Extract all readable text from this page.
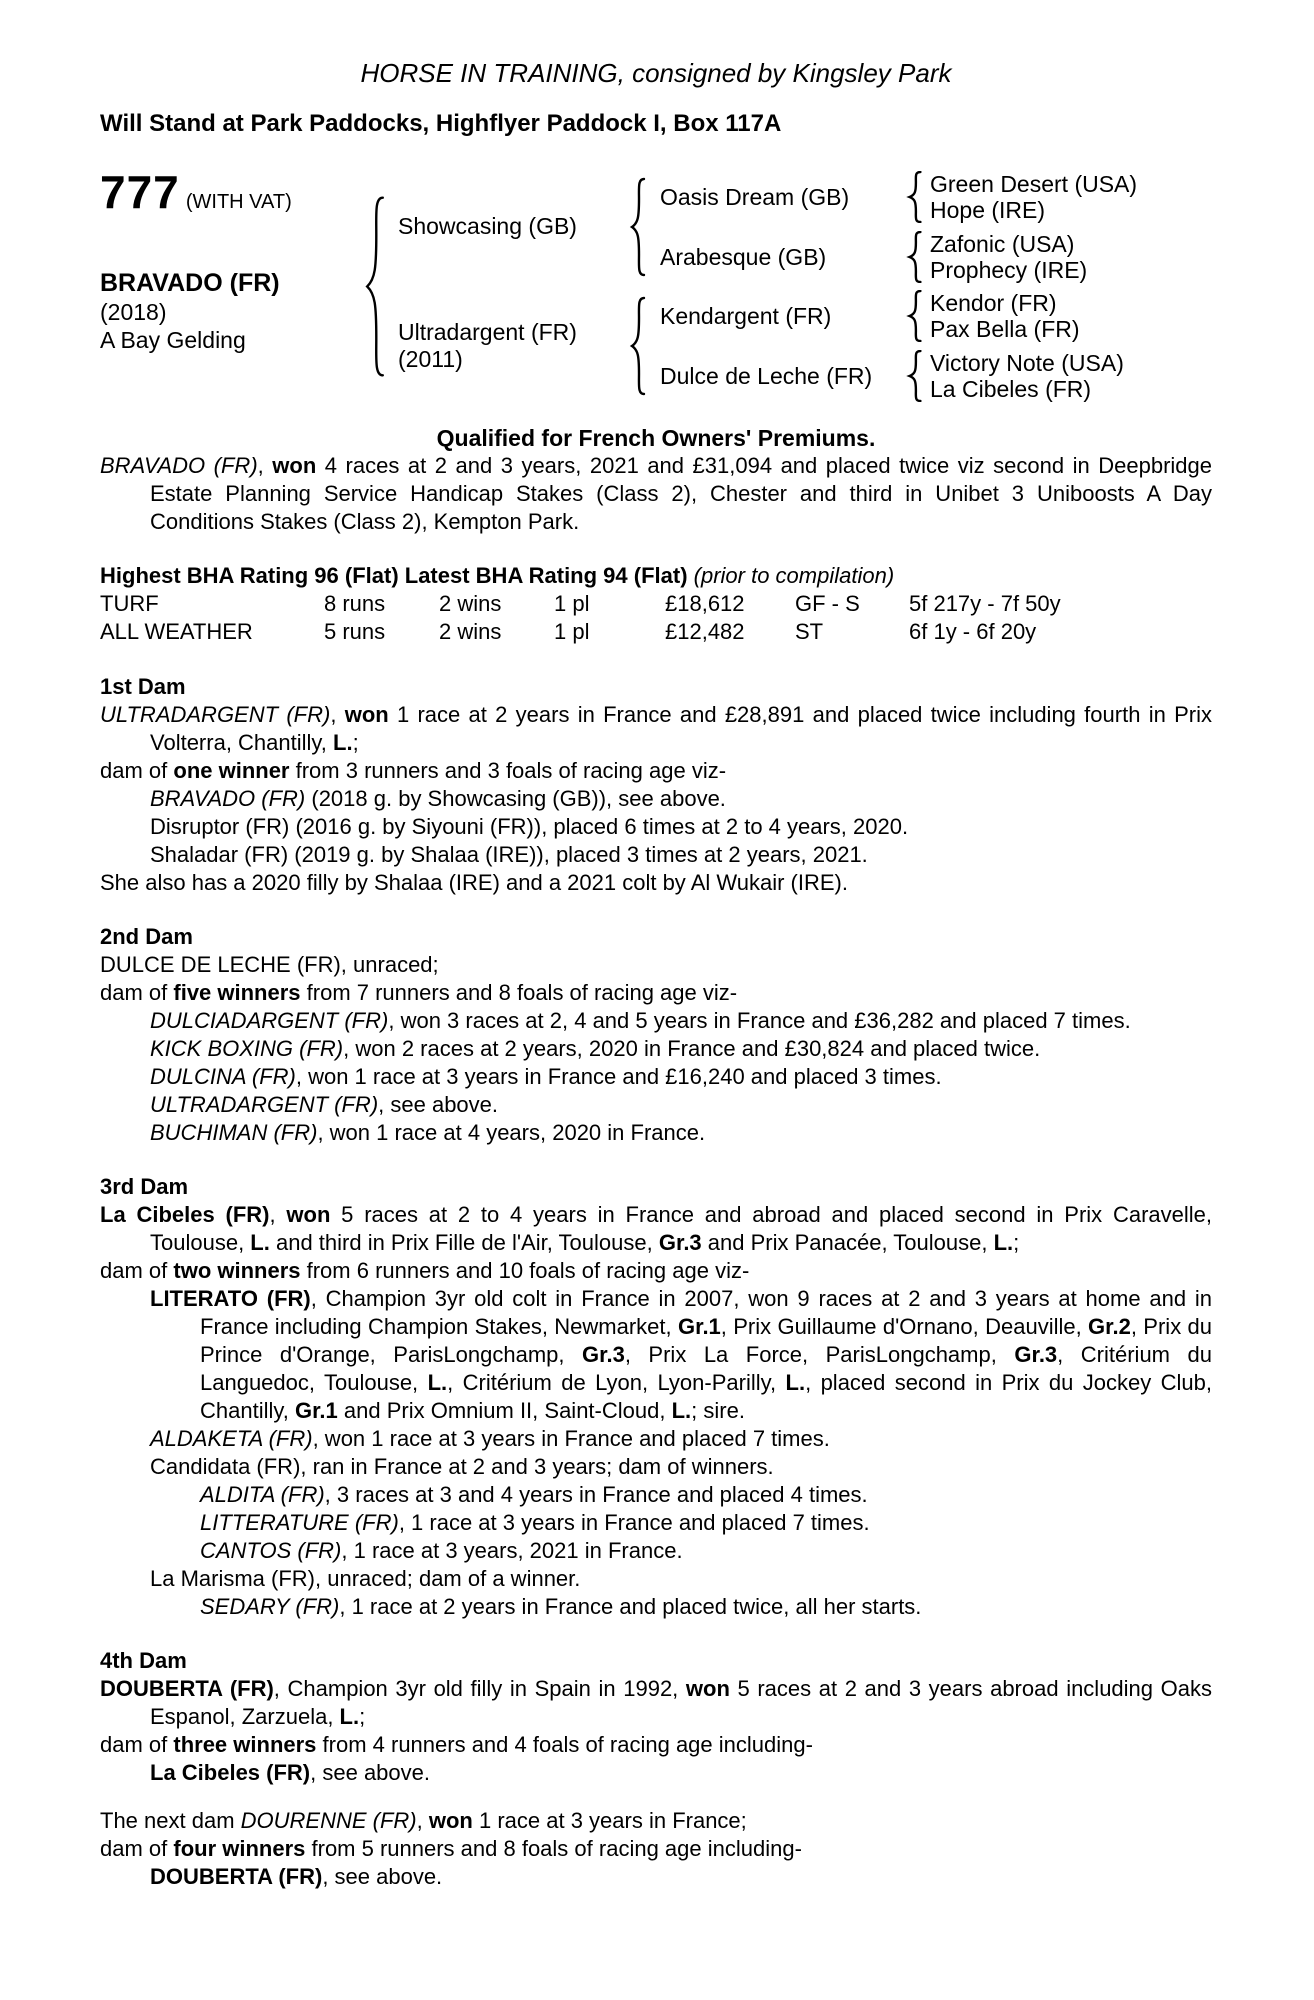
HORSE IN TRAINING, consigned by Kingsley Park
Will Stand at Park Paddocks, Highflyer Paddock I, Box 117A
777 (WITH VAT)
BRAVADO (FR)
(2018)
A Bay Gelding
Showcasing (GB)
Oasis Dream (GB)	Green Desert (USA)
Hope (IRE)
Arabesque (GB)	Zafonic (USA)
Prophecy (IRE)
Ultradargent (FR)
(2011)
Kendargent (FR)	Kendor (FR)
Pax Bella (FR)
Dulce de Leche (FR)	Victory Note (USA)
La Cibeles (FR)
Qualified for French Owners' Premiums.

BRAVADO (FR), won 4 races at 2 and 3 years, 2021 and £31,094 and placed twice viz second in Deepbridge Estate Planning Service Handicap Stakes (Class 2), Chester and third in Unibet 3 Uniboosts A Day Conditions Stakes (Class 2), Kempton Park.

Highest BHA Rating 96 (Flat) Latest BHA Rating 94 (Flat) (prior to compilation)
TURF	8 runs	2 wins	1 pl	£18,612	GF - S	5f 217y - 7f 50y
ALL WEATHER	5 runs	2 wins	1 pl	£12,482	ST	6f 1y - 6f 20y
1st Dam

ULTRADARGENT (FR), won 1 race at 2 years in France and £28,891 and placed twice including fourth in Prix Volterra, Chantilly, L.;

dam of one winner from 3 runners and 3 foals of racing age viz-

BRAVADO (FR) (2018 g. by Showcasing (GB)), see above.

Disruptor (FR) (2016 g. by Siyouni (FR)), placed 6 times at 2 to 4 years, 2020.

Shaladar (FR) (2019 g. by Shalaa (IRE)), placed 3 times at 2 years, 2021.

She also has a 2020 filly by Shalaa (IRE) and a 2021 colt by Al Wukair (IRE).

2nd Dam

DULCE DE LECHE (FR), unraced;

dam of five winners from 7 runners and 8 foals of racing age viz-

DULCIADARGENT (FR), won 3 races at 2, 4 and 5 years in France and £36,282 and placed 7 times.

KICK BOXING (FR), won 2 races at 2 years, 2020 in France and £30,824 and placed twice.

DULCINA (FR), won 1 race at 3 years in France and £16,240 and placed 3 times.

ULTRADARGENT (FR), see above.

BUCHIMAN (FR), won 1 race at 4 years, 2020 in France.

3rd Dam

La Cibeles (FR), won 5 races at 2 to 4 years in France and abroad and placed second in Prix Caravelle, Toulouse, L. and third in Prix Fille de l'Air, Toulouse, Gr.3 and Prix Panacée, Toulouse, L.;

dam of two winners from 6 runners and 10 foals of racing age viz-

LITERATO (FR), Champion 3yr old colt in France in 2007, won 9 races at 2 and 3 years at home and in France including Champion Stakes, Newmarket, Gr.1, Prix Guillaume d'Ornano, Deauville, Gr.2, Prix du Prince d'Orange, ParisLongchamp, Gr.3, Prix La Force, ParisLongchamp, Gr.3, Critérium du Languedoc, Toulouse, L., Critérium de Lyon, Lyon-Parilly, L., placed second in Prix du Jockey Club, Chantilly, Gr.1 and Prix Omnium II, Saint-Cloud, L.; sire.

ALDAKETA (FR), won 1 race at 3 years in France and placed 7 times.

Candidata (FR), ran in France at 2 and 3 years; dam of winners.

ALDITA (FR), 3 races at 3 and 4 years in France and placed 4 times.

LITTERATURE (FR), 1 race at 3 years in France and placed 7 times.

CANTOS (FR), 1 race at 3 years, 2021 in France.

La Marisma (FR), unraced; dam of a winner.

SEDARY (FR), 1 race at 2 years in France and placed twice, all her starts.

4th Dam

DOUBERTA (FR), Champion 3yr old filly in Spain in 1992, won 5 races at 2 and 3 years abroad including Oaks Espanol, Zarzuela, L.;

dam of three winners from 4 runners and 4 foals of racing age including-

La Cibeles (FR), see above.

The next dam DOURENNE (FR), won 1 race at 3 years in France;

dam of four winners from 5 runners and 8 foals of racing age including-

DOUBERTA (FR), see above.
